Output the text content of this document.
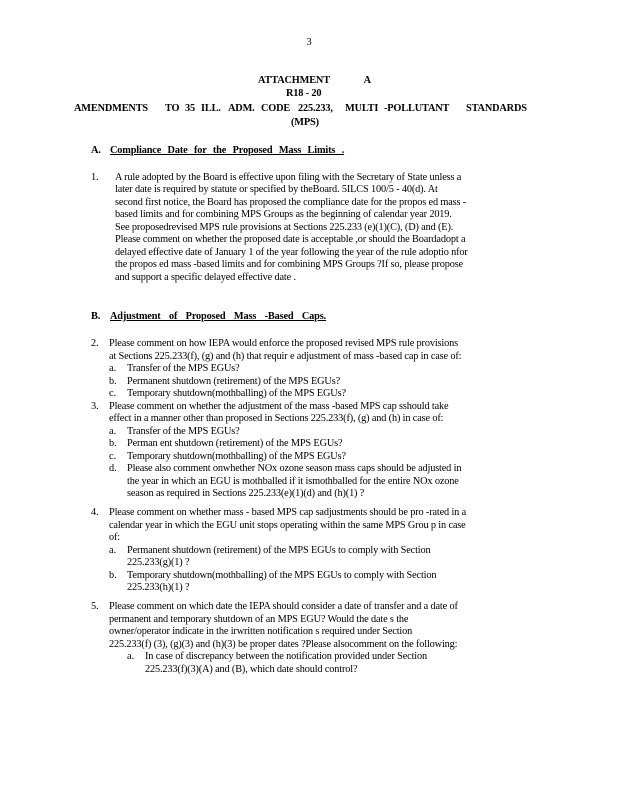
3
ATTACHMENT A
R18 - 20
AMENDMENTS TO 35 ILL. ADM. CODE 225.233, MULTI -POLLUTANT STANDARDS
(MPS)
A. Compliance Date for the Proposed Mass Limits .
1. A rule adopted by the Board is effective upon filing with the Secretary of State unless a
later date is required by statute or specified by theBoard. 5ILCS 100/5 - 40(d). At
second first notice, the Board has proposed the compliance date for the propos ed mass -
based limits and for combining MPS Groups as the beginning of calendar year 2019.
See proposedrevised MPS rule provisions at Sections 225.233 (e)(1)(C), (D) and (E).
Please comment on whether the proposed date is acceptable ,or should the Boardadopt a
delayed effective date of January 1 of the year following the year of the rule adoptio nfor
the propos ed mass -based limits and for combining MPS Groups ?If so, please propose
and support a specific delayed effective date .
B. Adjustment of Proposed Mass -Based Caps.
2. Please comment on how IEPA would enforce the proposed revised MPS rule provisions
at Sections 225.233(f), (g) and (h) that requir e adjustment of mass -based cap in case of:
a. Transfer of the MPS EGUs?
b. Permanent shutdown (retirement) of the MPS EGUs?
c. Temporary shutdown(mothballing) of the MPS EGUs?
3. Please comment on whether the adjustment of the mass -based MPS cap sshould take
effect in a manner other than proposed in Sections 225.233(f), (g) and (h) in case of:
a. Transfer of the MPS EGUs?
b. Perman ent shutdown (retirement) of the MPS EGUs?
c. Temporary shutdown(mothballing) of the MPS EGUs?
d. Please also comment onwhether NOx ozone season mass caps should be adjusted in
the year in which an EGU is mothballed if it ismothballed for the entire NOx ozone
season as required in Sections 225.233(e)(1)(d) and (h)(1) ?
4. Please comment on whether mass - based MPS cap sadjustments should be pro -rated in a
calendar year in which the EGU unit stops operating within the same MPS Grou p in case
of:
a. Permanent shutdown (retirement) of the MPS EGUs to comply with Section
225.233(g)(1) ?
b. Temporary shutdown(mothballing) of the MPS EGUs to comply with Section
225.233(h)(1) ?
5. Please comment on which date the IEPA should consider a date of transfer and a date of
permanent and temporary shutdown of an MPS EGU? Would the date s the
owner/operator indicate in the irwritten notification s required under Section
225.233(f) (3), (g)(3) and (h)(3) be proper dates ?Please alsocomment on the following:
a. In case of discrepancy between the notification provided under Section
225.233(f)(3)(A) and (B), which date should control?
